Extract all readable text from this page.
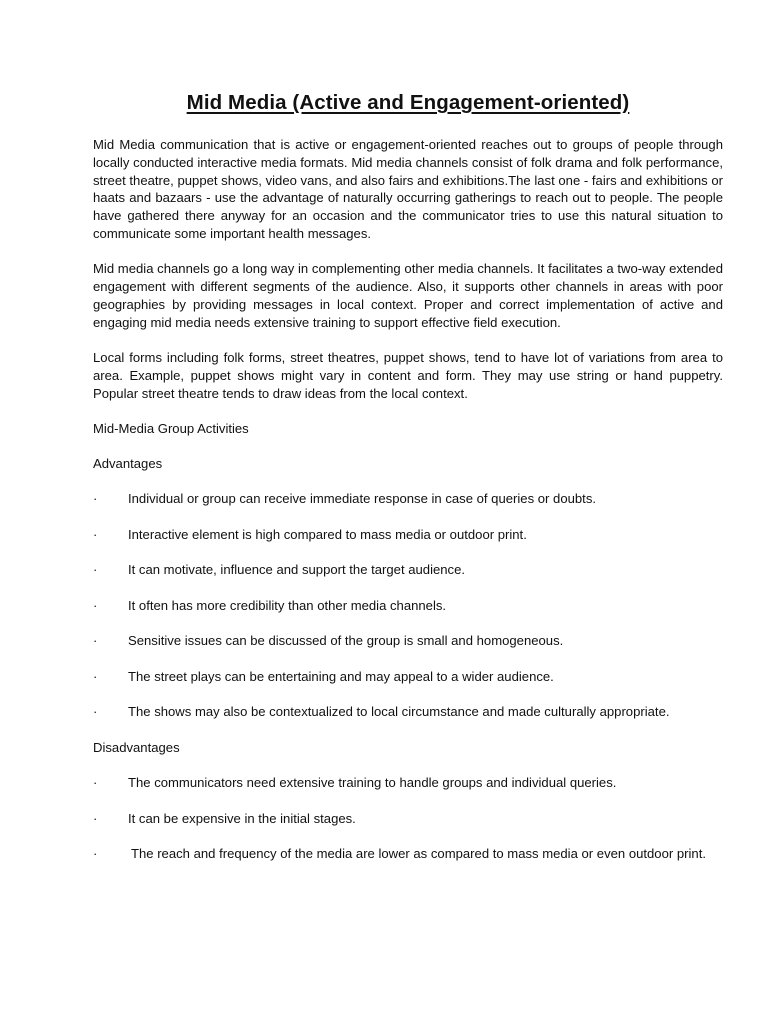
Mid Media (Active and Engagement-oriented)

Mid Media communication that is active or engagement-oriented reaches out to groups of people through locally conducted interactive media formats. Mid media channels consist of folk drama and folk performance, street theatre, puppet shows, video vans, and also fairs and exhibitions.The last one - fairs and exhibitions or haats and bazaars - use the advantage of naturally occurring gatherings to reach out to people. The people have gathered there anyway for an occasion and the communicator tries to use this natural situation to communicate some important health messages.

Mid media channels go a long way in complementing other media channels. It facilitates a two-way extended engagement with different segments of the audience. Also, it supports other channels in areas with poor geographies by providing messages in local context. Proper and correct implementation of active and engaging mid media needs extensive training to support effective field execution.

Local forms including folk forms, street theatres, puppet shows, tend to have lot of variations from area to area. Example, puppet shows might vary in content and form. They may use string or hand puppetry. Popular street theatre tends to draw ideas from the local context.

Mid-Media Group Activities

Advantages

·	Individual or group can receive immediate response in case of queries or doubts.
·	Interactive element is high compared to mass media or outdoor print.
·	It can motivate, influence and support the target audience.
·	It often has more credibility than other media channels.
·	Sensitive issues can be discussed of the group is small and homogeneous.
·	The street plays can be entertaining and may appeal to a wider audience.
·	The shows may also be contextualized to local circumstance and made culturally appropriate.

Disadvantages

·	The communicators need extensive training to handle groups and individual queries.
·	It can be expensive in the initial stages.
·	The reach and frequency of the media are lower as compared to mass media or even outdoor print.
